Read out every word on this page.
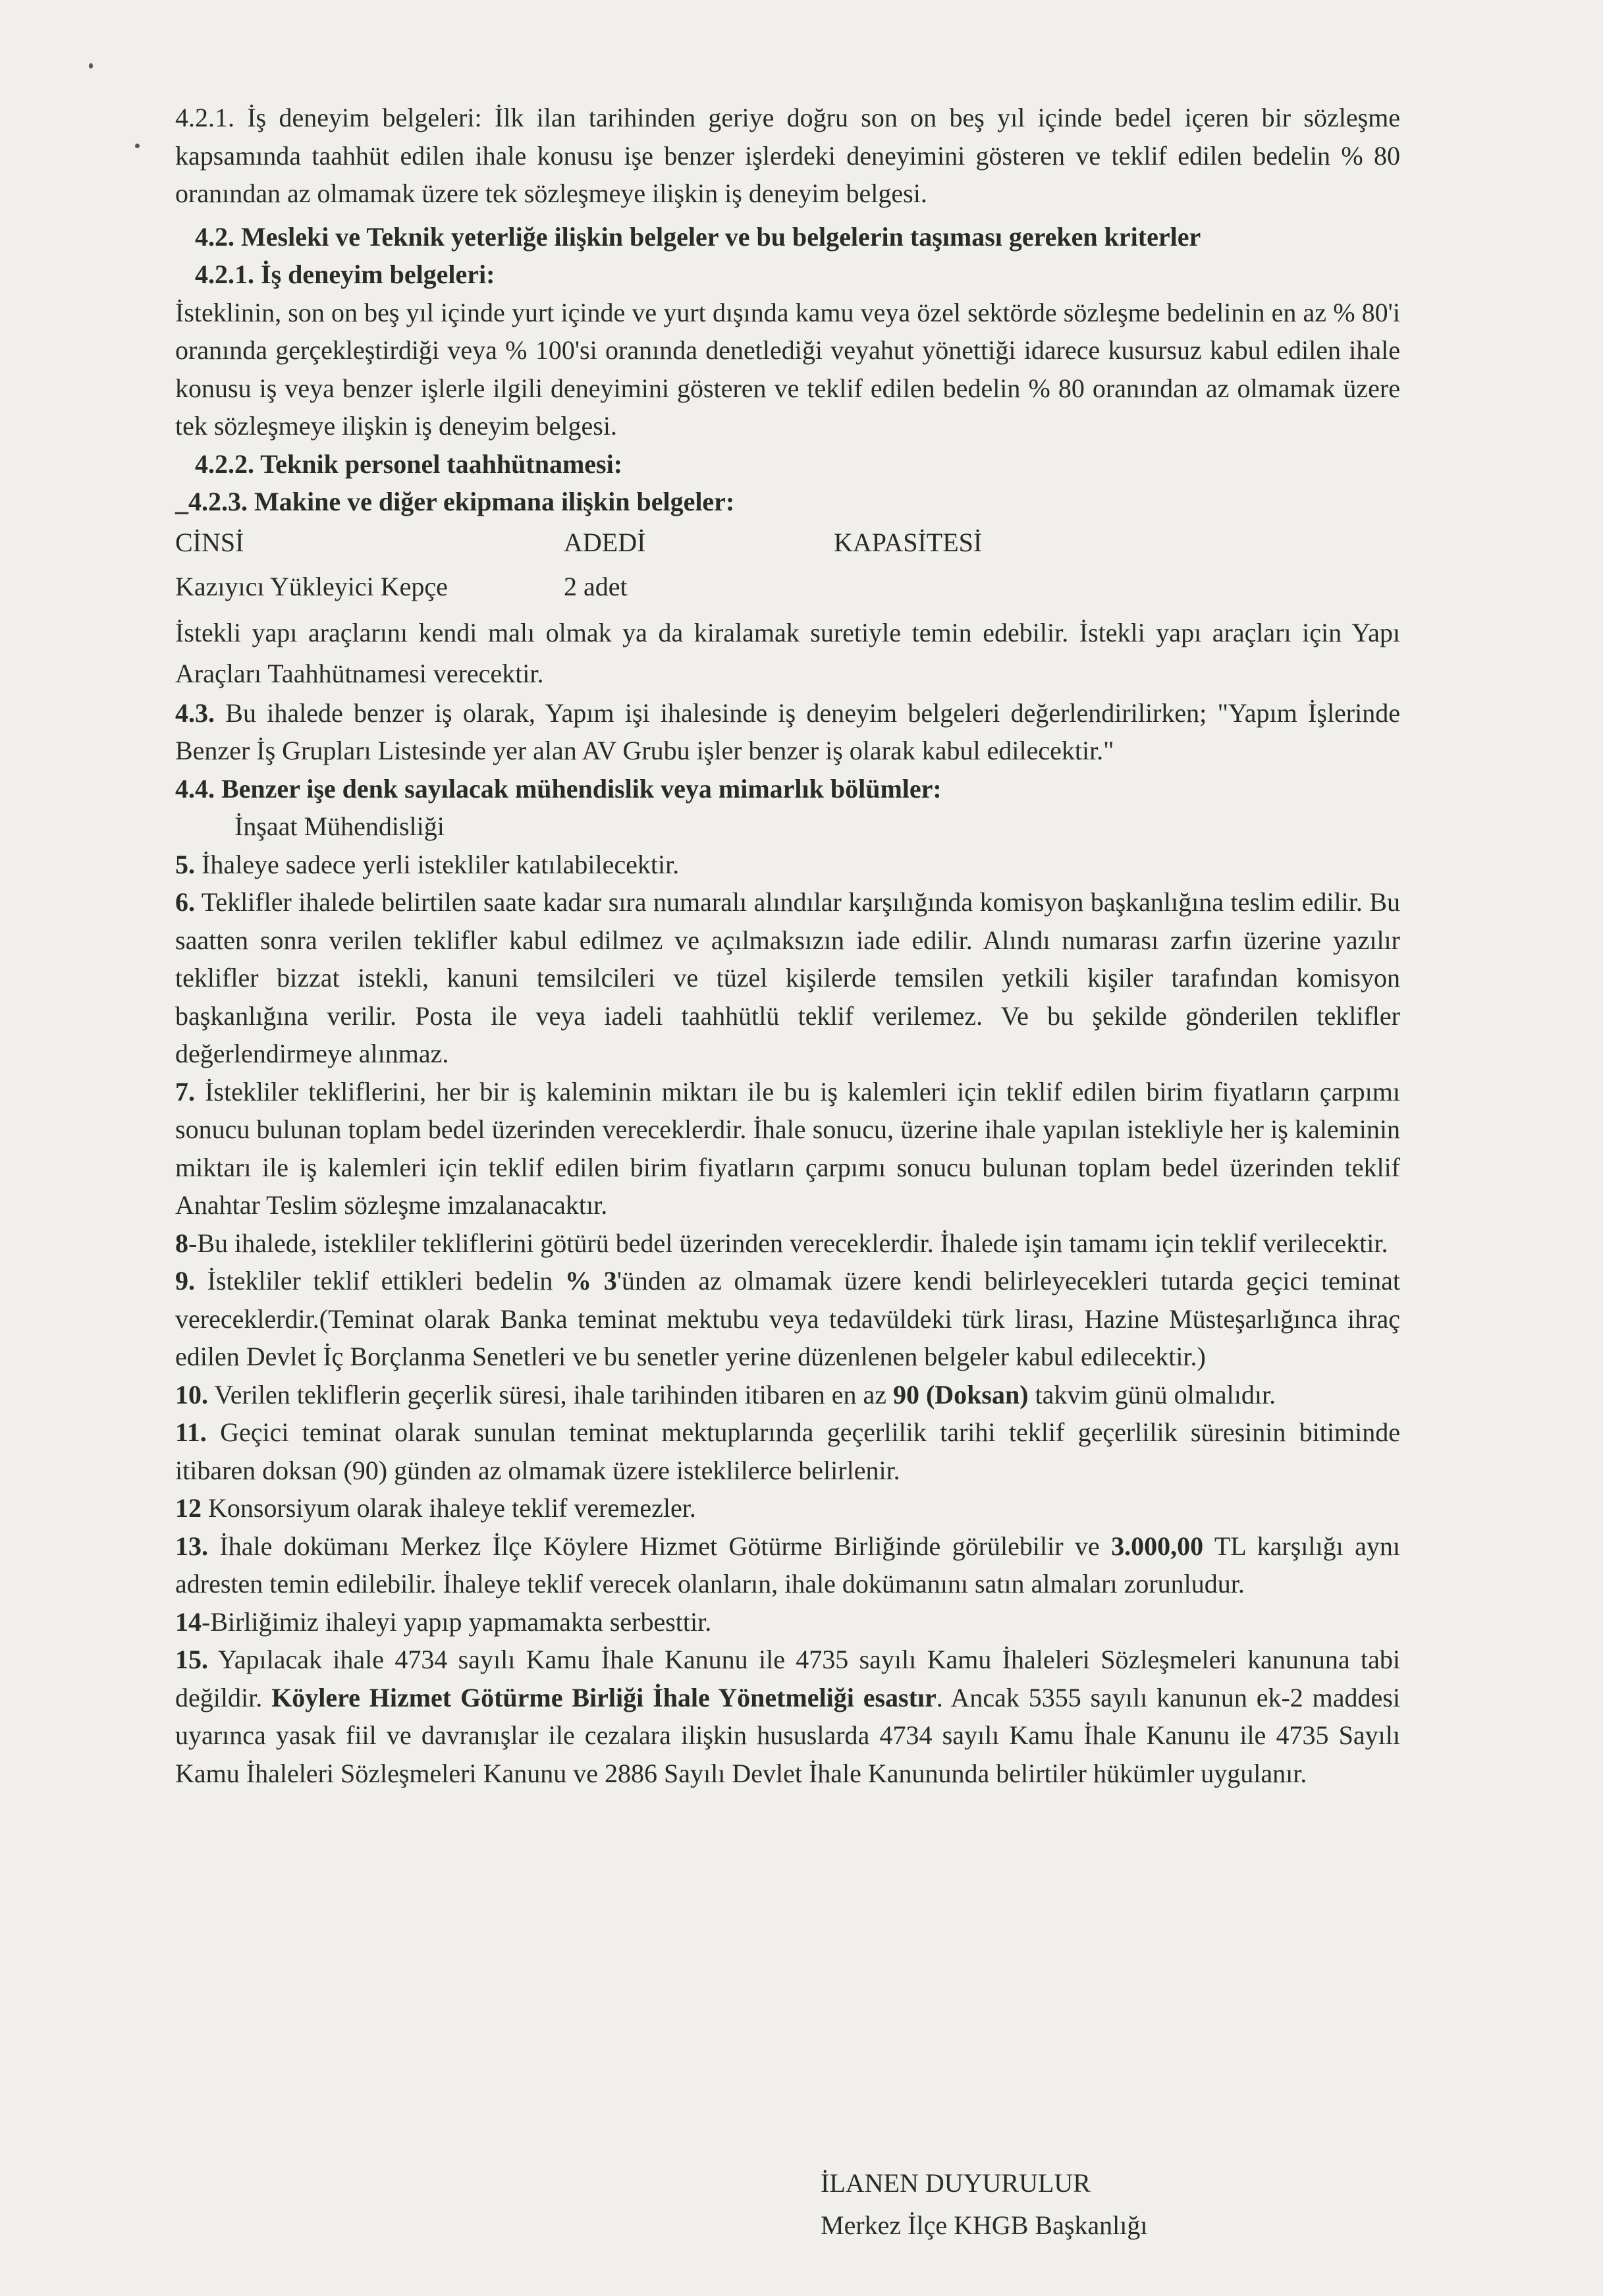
4.2.1. İş deneyim belgeleri: İlk ilan tarihinden geriye doğru son on beş yıl içinde bedel içeren bir sözleşme kapsamında taahhüt edilen ihale konusu işe benzer işlerdeki deneyimini gösteren ve teklif edilen bedelin % 80 oranından az olmamak üzere tek sözleşmeye ilişkin iş deneyim belgesi.

4.2. Mesleki ve Teknik yeterliğe ilişkin belgeler ve bu belgelerin taşıması gereken kriterler

4.2.1. İş deneyim belgeleri:

İsteklinin, son on beş yıl içinde yurt içinde ve yurt dışında kamu veya özel sektörde sözleşme bedelinin en az % 80'i oranında gerçekleştirdiği veya % 100'si oranında denetlediği veyahut yönettiği idarece kusursuz kabul edilen ihale konusu iş veya benzer işlerle ilgili deneyimini gösteren ve teklif edilen bedelin % 80 oranından az olmamak üzere tek sözleşmeye ilişkin iş deneyim belgesi.

4.2.2. Teknik personel taahhütnamesi:

_4.2.3. Makine ve diğer ekipmana ilişkin belgeler:

CİNSİ	ADEDİ	KAPASİTESİ
Kazıyıcı Yükleyici Kepçe	2 adet

İstekli yapı araçlarını kendi malı olmak ya da kiralamak suretiyle temin edebilir. İstekli yapı araçları için Yapı Araçları Taahhütnamesi verecektir.

4.3. Bu ihalede benzer iş olarak, Yapım işi ihalesinde iş deneyim belgeleri değerlendirilirken; "Yapım İşlerinde Benzer İş Grupları Listesinde yer alan AV Grubu işler benzer iş olarak kabul edilecektir."

4.4. Benzer işe denk sayılacak mühendislik veya mimarlık bölümler:

İnşaat Mühendisliği

5. İhaleye sadece yerli istekliler katılabilecektir.

6. Teklifler ihalede belirtilen saate kadar sıra numaralı alındılar karşılığında komisyon başkanlığına teslim edilir. Bu saatten sonra verilen teklifler kabul edilmez ve açılmaksızın iade edilir. Alındı numarası zarfın üzerine yazılır teklifler bizzat istekli, kanuni temsilcileri ve tüzel kişilerde temsilen yetkili kişiler tarafından komisyon başkanlığına verilir. Posta ile veya iadeli taahhütlü teklif verilemez. Ve bu şekilde gönderilen teklifler değerlendirmeye alınmaz.

7. İstekliler tekliflerini, her bir iş kaleminin miktarı ile bu iş kalemleri için teklif edilen birim fiyatların çarpımı sonucu bulunan toplam bedel üzerinden vereceklerdir. İhale sonucu, üzerine ihale yapılan istekliyle her iş kaleminin miktarı ile iş kalemleri için teklif edilen birim fiyatların çarpımı sonucu bulunan toplam bedel üzerinden teklif Anahtar Teslim sözleşme imzalanacaktır.

8-Bu ihalede, istekliler tekliflerini götürü bedel üzerinden vereceklerdir. İhalede işin tamamı için teklif verilecektir.

9. İstekliler teklif ettikleri bedelin % 3'ünden az olmamak üzere kendi belirleyecekleri tutarda geçici teminat vereceklerdir.(Teminat olarak Banka teminat mektubu veya tedavüldeki türk lirası, Hazine Müsteşarlığınca ihraç edilen Devlet İç Borçlanma Senetleri ve bu senetler yerine düzenlenen belgeler kabul edilecektir.)

10. Verilen tekliflerin geçerlik süresi, ihale tarihinden itibaren en az 90 (Doksan) takvim günü olmalıdır.

11. Geçici teminat olarak sunulan teminat mektuplarında geçerlilik tarihi teklif geçerlilik süresinin bitiminde itibaren doksan (90) günden az olmamak üzere isteklilerce belirlenir.

12 Konsorsiyum olarak ihaleye teklif veremezler.

13. İhale dokümanı Merkez İlçe Köylere Hizmet Götürme Birliğinde görülebilir ve 3.000,00 TL karşılığı aynı adresten temin edilebilir. İhaleye teklif verecek olanların, ihale dokümanını satın almaları zorunludur.

14-Birliğimiz ihaleyi yapıp yapmamakta serbesttir.

15. Yapılacak ihale 4734 sayılı Kamu İhale Kanunu ile 4735 sayılı Kamu İhaleleri Sözleşmeleri kanununa tabi değildir. Köylere Hizmet Götürme Birliği İhale Yönetmeliği esastır. Ancak 5355 sayılı kanunun ek-2 maddesi uyarınca yasak fiil ve davranışlar ile cezalara ilişkin hususlarda 4734 sayılı Kamu İhale Kanunu ile 4735 Sayılı Kamu İhaleleri Sözleşmeleri Kanunu ve 2886 Sayılı Devlet İhale Kanununda belirtiler hükümler uygulanır.

İLANEN DUYURULUR
Merkez İlçe KHGB Başkanlığı
